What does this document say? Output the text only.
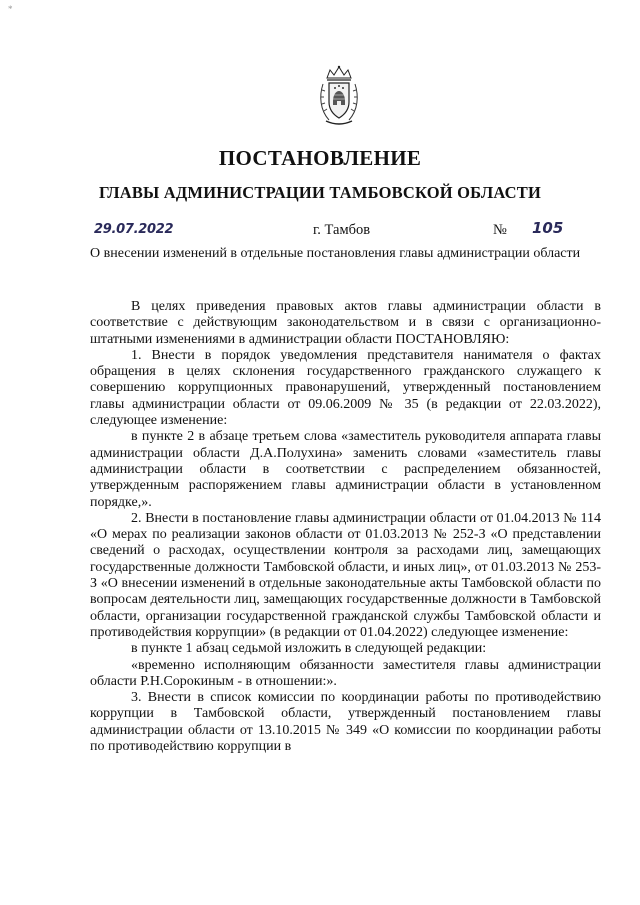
*
ПОСТАНОВЛЕНИЕ
ГЛАВЫ АДМИНИСТРАЦИИ ТАМБОВСКОЙ ОБЛАСТИ
29.07.2022	г. Тамбов	№ 105
О внесении изменений в отдельные постановления главы администрации области

В целях приведения правовых актов главы администрации области в соответствие с действующим законодательством и в связи с организационно-штатными изменениями в администрации области ПОСТАНОВЛЯЮ:

1. Внести в порядок уведомления представителя нанимателя о фактах обращения в целях склонения государственного гражданского служащего к совершению коррупционных правонарушений, утвержденный постановлением главы администрации области от 09.06.2009 № 35 (в редакции от 22.03.2022), следующее изменение:

в пункте 2 в абзаце третьем слова «заместитель руководителя аппарата главы администрации области Д.А.Полухина» заменить словами «заместитель главы администрации области в соответствии с распределением обязанностей, утвержденным распоряжением главы администрации области в установленном порядке,».

2. Внести в постановление главы администрации области от 01.04.2013 № 114 «О мерах по реализации законов области от 01.03.2013 № 252-З «О представлении сведений о расходах, осуществлении контроля за расходами лиц, замещающих государственные должности Тамбовской области, и иных лиц», от 01.03.2013 № 253-З «О внесении изменений в отдельные законодательные акты Тамбовской области по вопросам деятельности лиц, замещающих государственные должности в Тамбовской области, организации государственной гражданской службы Тамбовской области и противодействия коррупции» (в редакции от 01.04.2022) следующее изменение:

в пункте 1 абзац седьмой изложить в следующей редакции:

«временно исполняющим обязанности заместителя главы администрации области Р.Н.Сорокиным - в отношении:».

3. Внести в список комиссии по координации работы по противодействию коррупции в Тамбовской области, утвержденный постановлением главы администрации области от 13.10.2015 № 349 «О комиссии по координации работы по противодействию коррупции в
